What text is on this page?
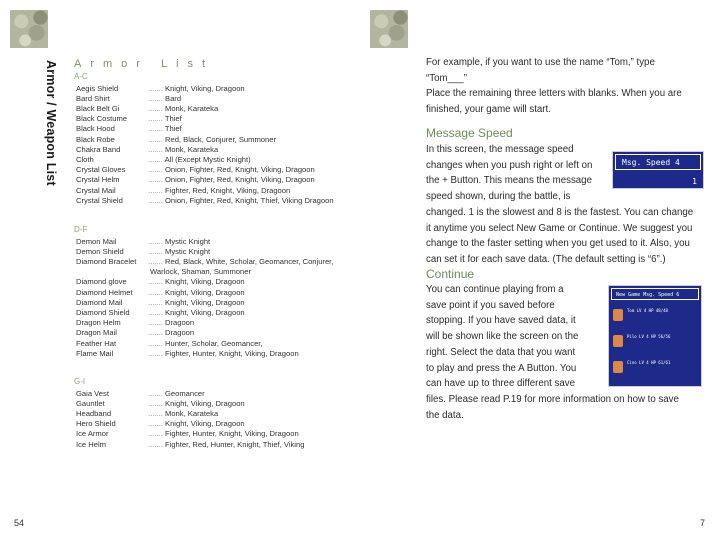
Armor / Weapon List Armor List
A-C
Aegis Shield	....... Knight, Viking, Dragoon
Bard Shirt	....... Bard
Black Belt Gi	....... Monk, Karateka
Black Costume ....... Thief
Black Hood	....... Thief
Black Robe	....... Red, Black, Conjurer, Summoner
Chakra Band	....... Monk, Karateka
Cloth	....... All (Except Mystic Knight)
Crystal Gloves	....... Onion, Fighter, Red, Knight, Viking, Dragoon
Crystal Helm	....... Onion, Fighter, Red, Knight, Viking, Dragoon
Crystal Mail	....... Fighter, Red, Knight, Viking, Dragoon
Crystal Shield	....... Onion, Fighter, Red, Knight, Thief, Viking Dragoon
D-F
Demon Mail	....... Mystic Knight
Demon Shield	....... Mystic Knight
Diamond Bracelet ....... Red, Black, White, Scholar, Geomancer, Conjurer,
Warlock, Shaman, Summoner
Diamond glove	....... Knight, Viking, Dragoon
Diamond Helmet ....... Knight, Viking, Dragoon
Diamond Mail	....... Knight, Viking, Dragoon
Diamond Shield ....... Knight, Viking, Dragoon
Dragon Helm	....... Dragoon
Dragon Mail	....... Dragoon
Feather Hat	....... Hunter, Scholar, Geomancer,
Flame Mail	....... Fighter, Hunter, Knight, Viking, Dragoon
G-I
Gaia Vest	....... Geomancer
Gauntlet	....... Knight, Viking, Dragoon
Headband	....... Monk, Karateka
Hero Shield	....... Knight, Viking, Dragoon
Ice Armor	....... Fighter, Hunter, Knight, Viking, Dragoon
Ice Helm	....... Fighter, Red, Hunter, Knight, Thief, Viking
54	7
For example, if you want to use the name “Tom,” type
“Tom___”
Place the remaining three letters with blanks. When you are
finished, your game will start.
Message Speed
In this screen, the message speed
changes when you push right or left on
the + Button. This means the message
speed shown, during the battle, is
changed. 1 is the slowest and 8 is the fastest. You can change
it anytime you select New Game or Continue. We suggest you
change to the faster setting when you get used to it. Also, you
can set it for each save data. (The default setting is “6”.)
Msg. Speed 4
1
Continue
You can continue playing from a
save point if you saved before
stopping. If you have saved data, it
will be shown like the screen on the
right. Select the data that you want
to play and press the A Button. You
can have up to three different save
files. Please read P.19 for more information on how to save
the data.
New Game Msg. Speed 6
Tom LV 4 HP 48/48
Pilo LV 4 HP 56/56
Cino LV 4 HP 61/61
